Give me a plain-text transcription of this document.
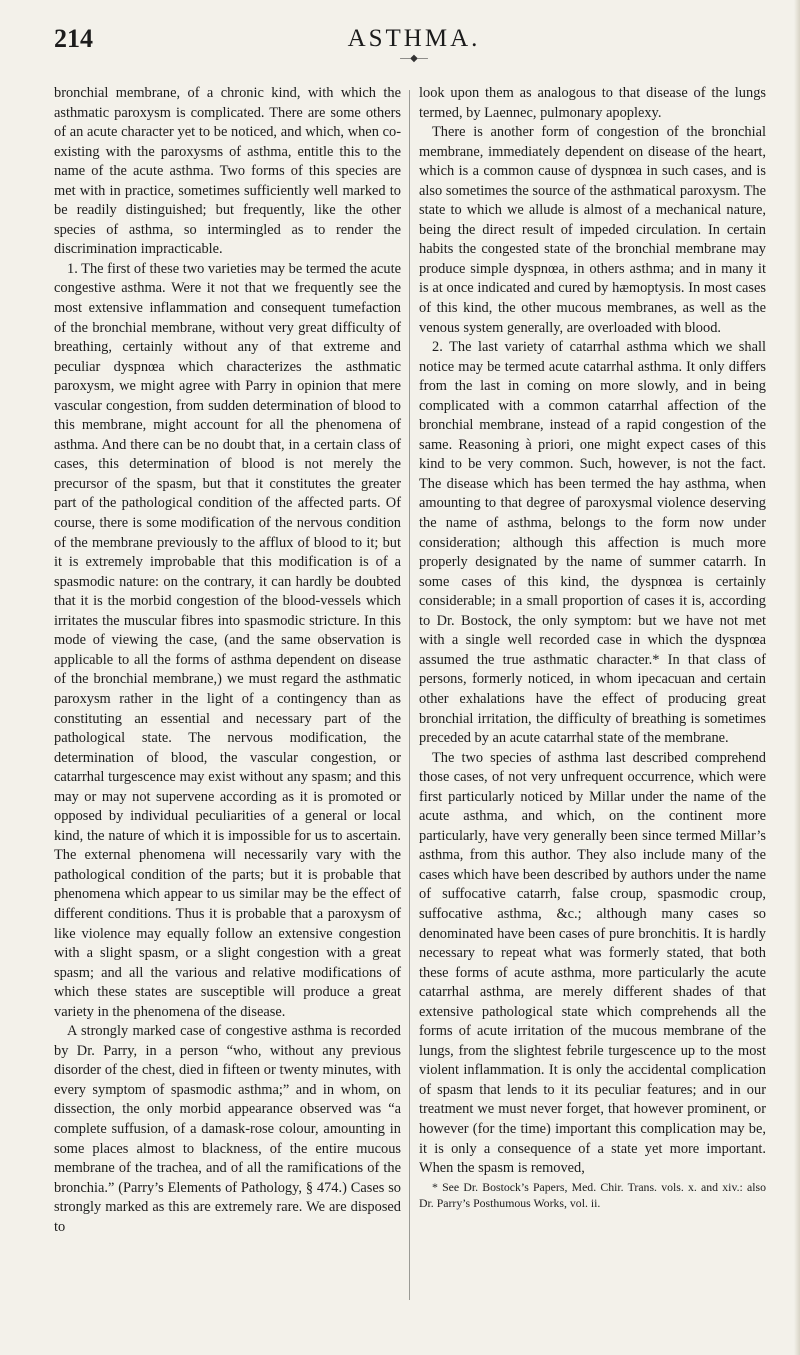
214	ASTHMA.
—◆—

bronchial membrane, of a chronic kind, with which the asthmatic paroxysm is complicated. There are some others of an acute character yet to be noticed, and which, when co-existing with the paroxysms of asthma, entitle this to the name of the acute asthma. Two forms of this species are met with in practice, sometimes sufficiently well marked to be readily distinguished; but frequently, like the other species of asthma, so intermingled as to render the discrimination impracticable.

1. The first of these two varieties may be termed the acute congestive asthma. Were it not that we frequently see the most extensive inflammation and consequent tumefaction of the bronchial membrane, without very great difficulty of breathing, certainly without any of that extreme and peculiar dyspnœa which characterizes the asthmatic paroxysm, we might agree with Parry in opinion that mere vascular congestion, from sudden determination of blood to this membrane, might account for all the phenomena of asthma. And there can be no doubt that, in a certain class of cases, this determination of blood is not merely the precursor of the spasm, but that it constitutes the greater part of the pathological condition of the affected parts. Of course, there is some modification of the nervous condition of the membrane previously to the afflux of blood to it; but it is extremely improbable that this modification is of a spasmodic nature: on the contrary, it can hardly be doubted that it is the morbid congestion of the blood-vessels which irritates the muscular fibres into spasmodic stricture. In this mode of viewing the case, (and the same observation is applicable to all the forms of asthma dependent on disease of the bronchial membrane,) we must regard the asthmatic paroxysm rather in the light of a contingency than as constituting an essential and necessary part of the pathological state. The nervous modification, the determination of blood, the vascular congestion, or catarrhal turgescence may exist without any spasm; and this may or may not supervene according as it is promoted or opposed by individual peculiarities of a general or local kind, the nature of which it is impossible for us to ascertain. The external phenomena will necessarily vary with the pathological condition of the parts; but it is probable that phenomena which appear to us similar may be the effect of different conditions. Thus it is probable that a paroxysm of like violence may equally follow an extensive congestion with a slight spasm, or a slight congestion with a great spasm; and all the various and relative modifications of which these states are susceptible will produce a great variety in the phenomena of the disease.

A strongly marked case of congestive asthma is recorded by Dr. Parry, in a person “who, without any previous disorder of the chest, died in fifteen or twenty minutes, with every symptom of spasmodic asthma;” and in whom, on dissection, the only morbid appearance observed was “a complete suffusion, of a damask-rose colour, amounting in some places almost to blackness, of the entire mucous membrane of the trachea, and of all the ramifications of the bronchia.” (Parry’s Elements of Pathology, § 474.) Cases so strongly marked as this are extremely rare. We are disposed to

look upon them as analogous to that disease of the lungs termed, by Laennec, pulmonary apoplexy.

There is another form of congestion of the bronchial membrane, immediately dependent on disease of the heart, which is a common cause of dyspnœa in such cases, and is also sometimes the source of the asthmatical paroxysm. The state to which we allude is almost of a mechanical nature, being the direct result of impeded circulation. In certain habits the congested state of the bronchial membrane may produce simple dyspnœa, in others asthma; and in many it is at once indicated and cured by hæmoptysis. In most cases of this kind, the other mucous membranes, as well as the venous system generally, are overloaded with blood.

2. The last variety of catarrhal asthma which we shall notice may be termed acute catarrhal asthma. It only differs from the last in coming on more slowly, and in being complicated with a common catarrhal affection of the bronchial membrane, instead of a rapid congestion of the same. Reasoning à priori, one might expect cases of this kind to be very common. Such, however, is not the fact. The disease which has been termed the hay asthma, when amounting to that degree of paroxysmal violence deserving the name of asthma, belongs to the form now under consideration; although this affection is much more properly designated by the name of summer catarrh. In some cases of this kind, the dyspnœa is certainly considerable; in a small proportion of cases it is, according to Dr. Bostock, the only symptom: but we have not met with a single well recorded case in which the dyspnœa assumed the true asthmatic character.* In that class of persons, formerly noticed, in whom ipecacuan and certain other exhalations have the effect of producing great bronchial irritation, the difficulty of breathing is sometimes preceded by an acute catarrhal state of the membrane.

The two species of asthma last described comprehend those cases, of not very unfrequent occurrence, which were first particularly noticed by Millar under the name of the acute asthma, and which, on the continent more particularly, have very generally been since termed Millar’s asthma, from this author. They also include many of the cases which have been described by authors under the name of suffocative catarrh, false croup, spasmodic croup, suffocative asthma, &c.; although many cases so denominated have been cases of pure bronchitis. It is hardly necessary to repeat what was formerly stated, that both these forms of acute asthma, more particularly the acute catarrhal asthma, are merely different shades of that extensive pathological state which comprehends all the forms of acute irritation of the mucous membrane of the lungs, from the slightest febrile turgescence up to the most violent inflammation. It is only the accidental complication of spasm that lends to it its peculiar features; and in our treatment we must never forget, that however prominent, or however (for the time) important this complication may be, it is only a consequence of a state yet more important. When the spasm is removed,

* See Dr. Bostock’s Papers, Med. Chir. Trans. vols. x. and xiv.: also Dr. Parry’s Posthumous Works, vol. ii.
